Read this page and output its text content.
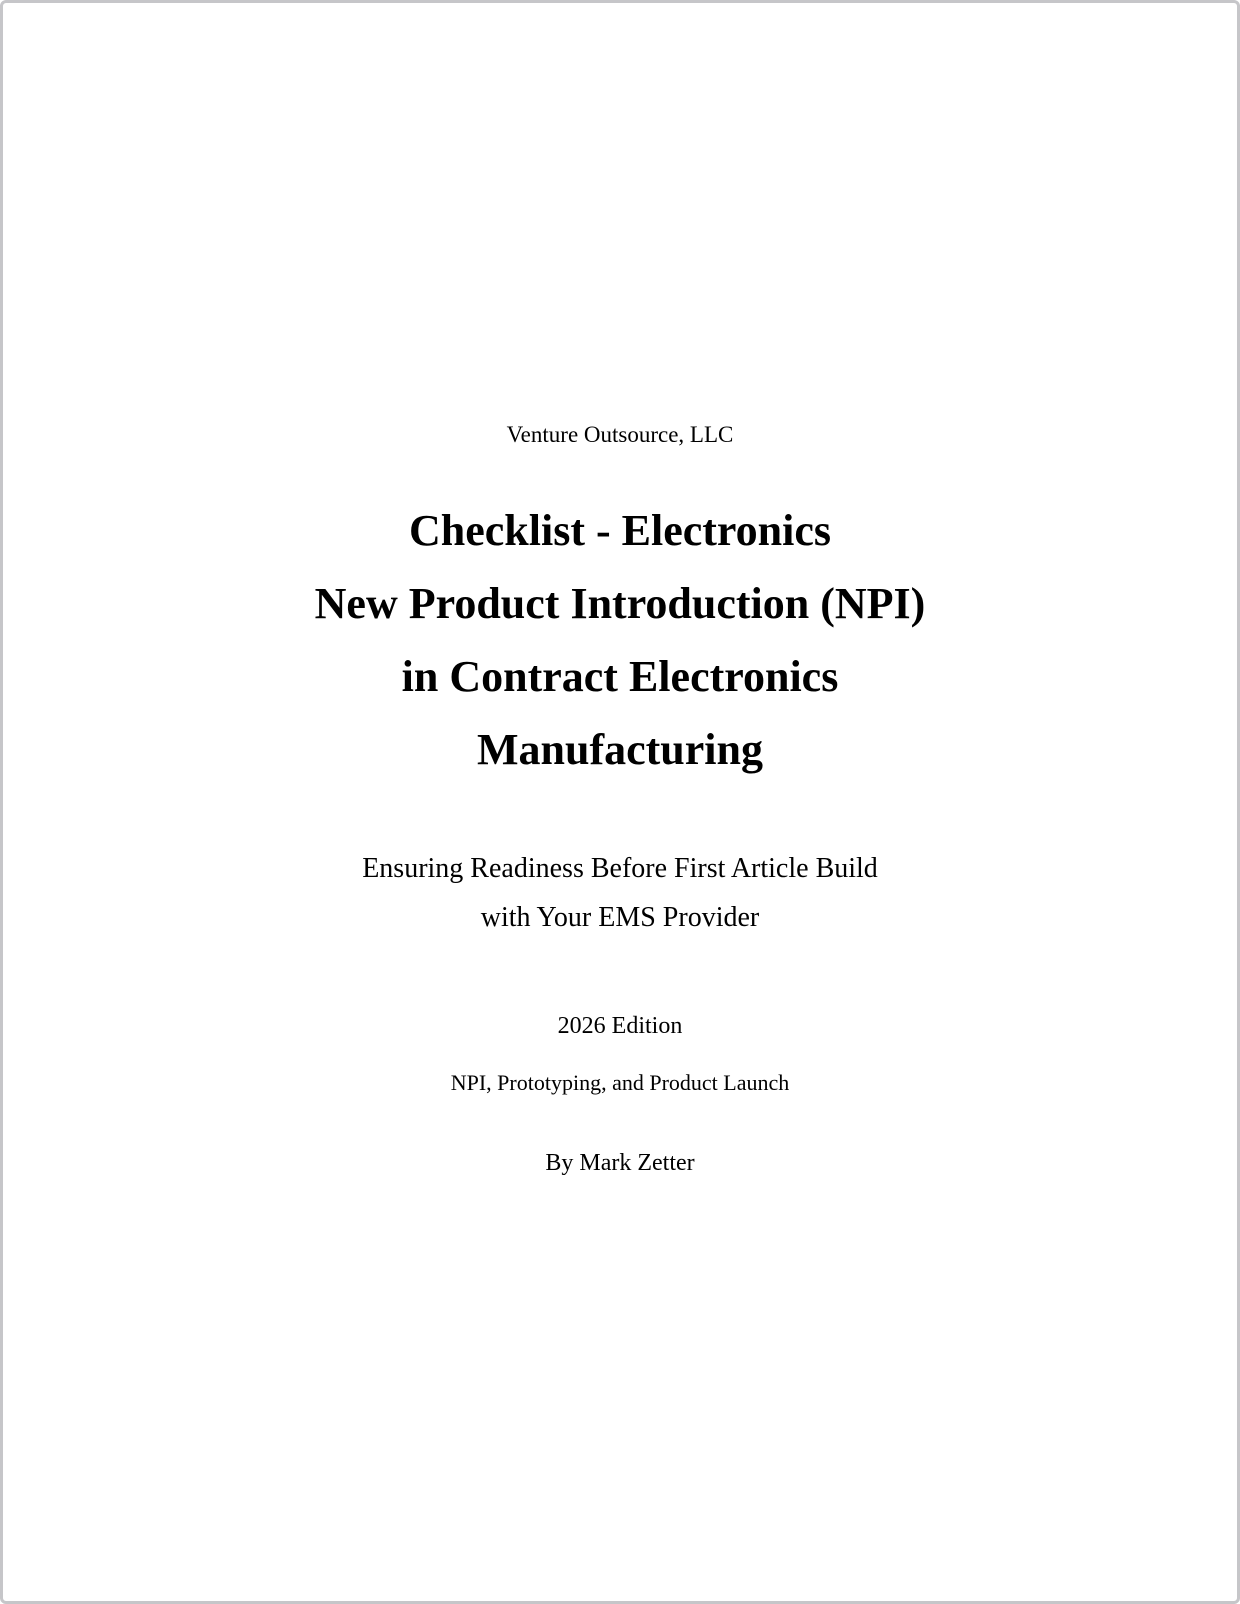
Venture Outsource, LLC
Checklist - Electronics
New Product Introduction (NPI)
in Contract Electronics
Manufacturing
Ensuring Readiness Before First Article Build
with Your EMS Provider
2026 Edition
NPI, Prototyping, and Product Launch
By Mark Zetter
